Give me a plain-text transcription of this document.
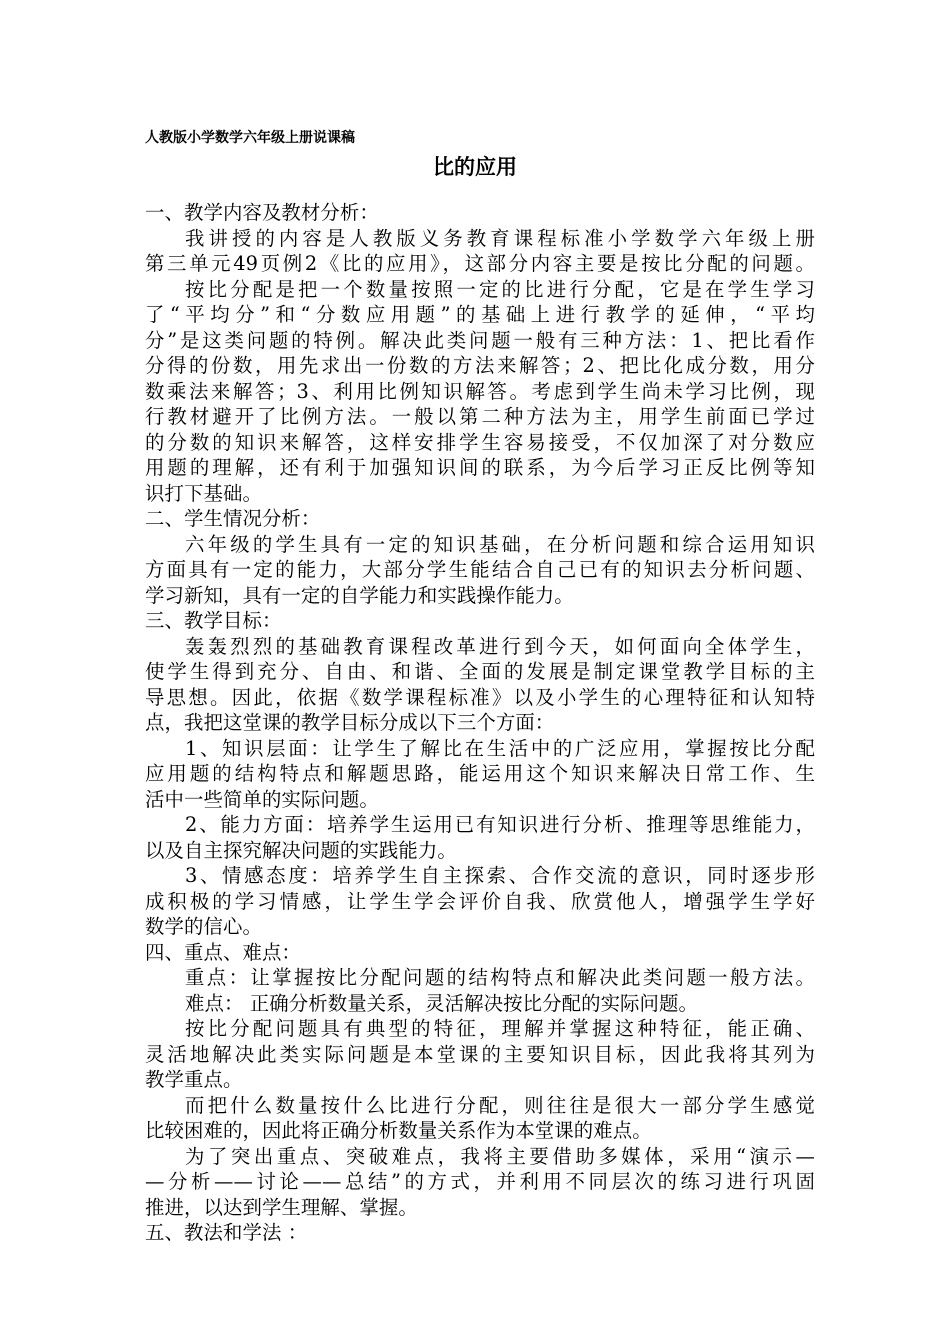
人教版小学数学六年级上册说课稿
比的应用
一、教学内容及教材分析：
我讲授的内容是人教版义务教育课程标准小学数学六年级上册
第三单元49页例2《比的应用》，这部分内容主要是按比分配的问题。
按比分配是把一个数量按照一定的比进行分配，它是在学生学习
了“平均分”和“分数应用题”的基础上进行教学的延伸，“平均
分”是这类问题的特例。解决此类问题一般有三种方法：1、把比看作
分得的份数，用先求出一份数的方法来解答；2、把比化成分数，用分
数乘法来解答；3、利用比例知识解答。考虑到学生尚未学习比例，现
行教材避开了比例方法。一般以第二种方法为主，用学生前面已学过
的分数的知识来解答，这样安排学生容易接受，不仅加深了对分数应
用题的理解，还有利于加强知识间的联系，为今后学习正反比例等知
识打下基础。
二、学生情况分析：
六年级的学生具有一定的知识基础，在分析问题和综合运用知识
方面具有一定的能力，大部分学生能结合自己已有的知识去分析问题、
学习新知，具有一定的自学能力和实践操作能力。
三、教学目标：
轰轰烈烈的基础教育课程改革进行到今天，如何面向全体学生，
使学生得到充分、自由、和谐、全面的发展是制定课堂教学目标的主
导思想。因此，依据《数学课程标准》以及小学生的心理特征和认知特
点，我把这堂课的教学目标分成以下三个方面：
1、知识层面：让学生了解比在生活中的广泛应用，掌握按比分配
应用题的结构特点和解题思路，能运用这个知识来解决日常工作、生
活中一些简单的实际问题。
2、能力方面：培养学生运用已有知识进行分析、推理等思维能力，
以及自主探究解决问题的实践能力。
3、情感态度：培养学生自主探索、合作交流的意识，同时逐步形
成积极的学习情感，让学生学会评价自我、欣赏他人，增强学生学好
数学的信心。
四、重点、难点：
重点：让掌握按比分配问题的结构特点和解决此类问题一般方法。
难点： 正确分析数量关系，灵活解决按比分配的实际问题。
按比分配问题具有典型的特征，理解并掌握这种特征，能正确、
灵活地解决此类实际问题是本堂课的主要知识目标，因此我将其列为
教学重点。
而把什么数量按什么比进行分配，则往往是很大一部分学生感觉
比较困难的，因此将正确分析数量关系作为本堂课的难点。
为了突出重点、突破难点，我将主要借助多媒体，采用“演示—
—分析——讨论——总结”的方式，并利用不同层次的练习进行巩固
推进，以达到学生理解、掌握。
五、教法和学法 ：
